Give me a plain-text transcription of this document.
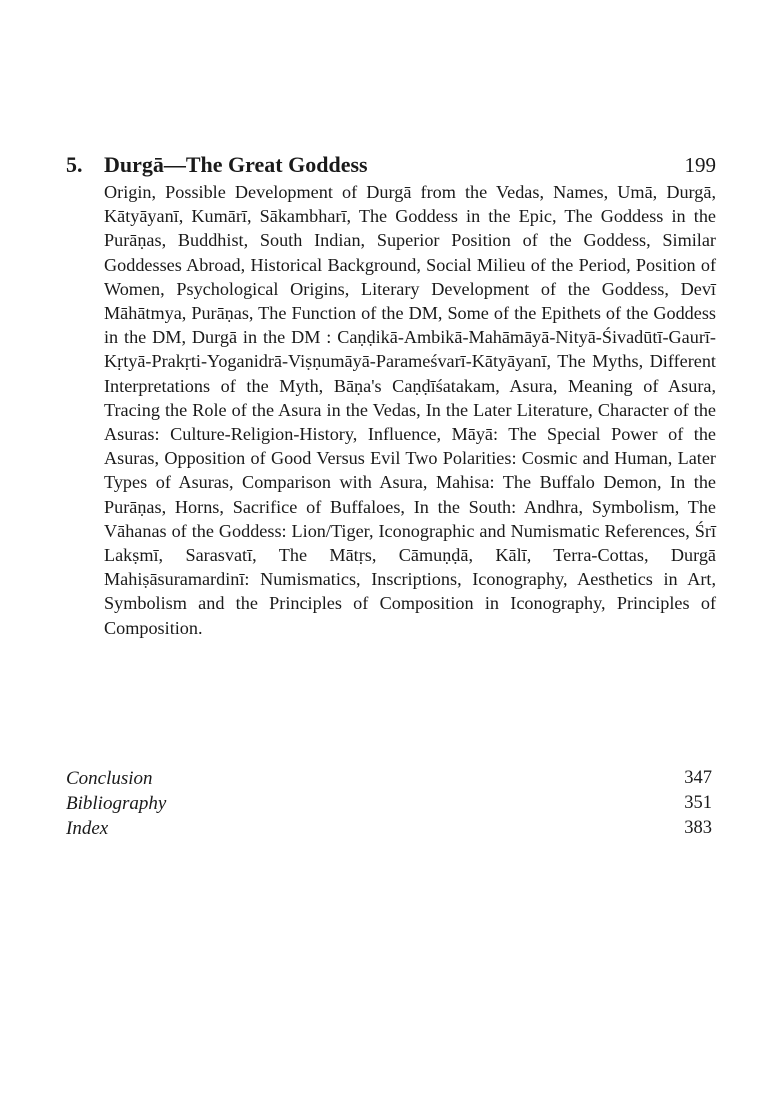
5. Durgā—The Great Goddess	199
Origin, Possible Development of Durgā from the Vedas, Names, Umā, Durgā, Kātyāyanī, Kumārī, Sākambharī, The Goddess in the Epic, The Goddess in the Purāṇas, Buddhist, South Indian, Superior Position of the Goddess, Similar Goddesses Abroad, Historical Background, Social Milieu of the Period, Position of Women, Psychological Origins, Literary Development of the Goddess, Devī Māhātmya, Purāṇas, The Function of the DM, Some of the Epithets of the Goddess in the DM, Durgā in the DM : Caṇḍikā-Ambikā-Mahāmāyā-Nityā-Śivadūtī-Gaurī-Kṛtyā-Prakṛti-Yoganidrā-Viṣṇumāyā-Parameśvarī-Kātyāyanī, The Myths, Different Interpretations of the Myth, Bāṇa's Caṇḍīśatakam, Asura, Meaning of Asura, Tracing the Role of the Asura in the Vedas, In the Later Literature, Character of the Asuras: Culture-Religion-History, Influence, Māyā: The Special Power of the Asuras, Opposition of Good Versus Evil Two Polarities: Cosmic and Human, Later Types of Asuras, Comparison with Asura, Mahisa: The Buffalo Demon, In the Purāṇas, Horns, Sacrifice of Buffaloes, In the South: Andhra, Symbolism, The Vāhanas of the Goddess: Lion/Tiger, Iconographic and Numismatic References, Śrī Lakṣmī, Sarasvatī, The Mātṛs, Cāmuṇḍā, Kālī, Terra-Cottas, Durgā Mahiṣāsuramardinī: Numismatics, Inscriptions, Iconography, Aesthetics in Art, Symbolism and the Principles of Composition in Iconography, Principles of Composition.
Conclusion	347
Bibliography	351
Index	383
